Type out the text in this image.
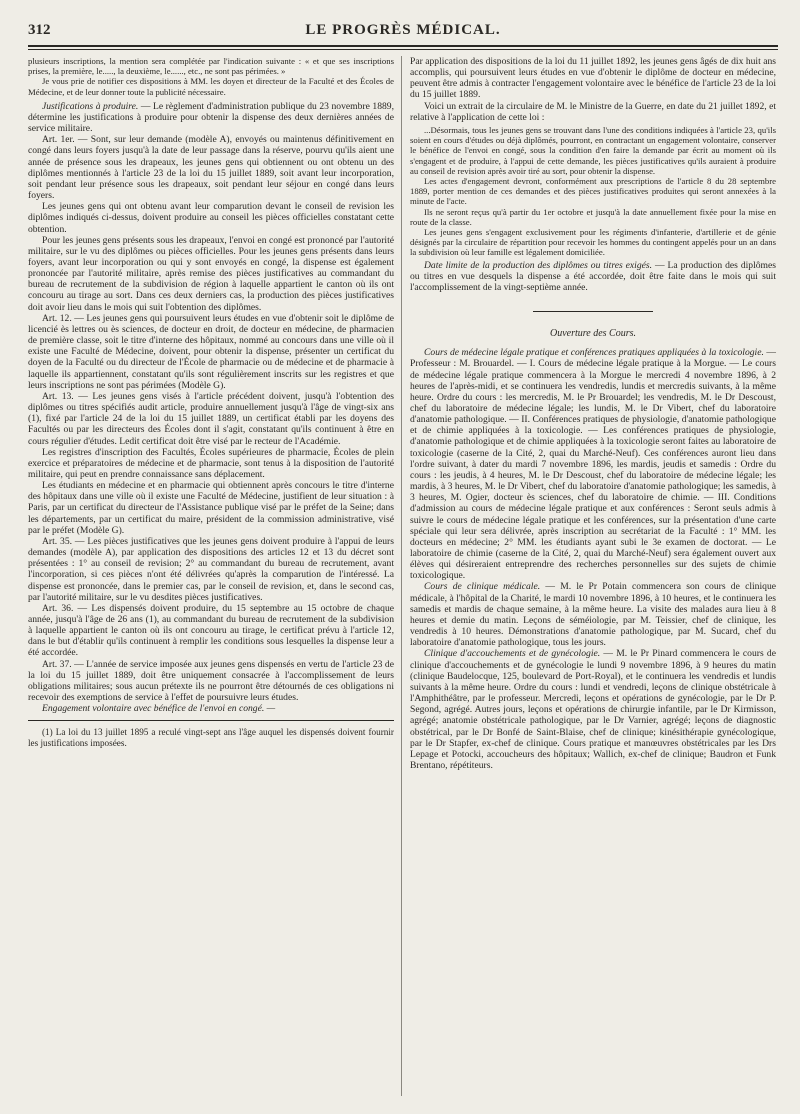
312	LE PROGRÈS MÉDICAL.

plusieurs inscriptions, la mention sera complétée par l'indication suivante : « et que ses inscriptions prises, la première, le....., la deuxième, le......, etc., ne sont pas périmées. »

Je vous prie de notifier ces dispositions à MM. les doyen et directeur de la Faculté et des Écoles de Médecine, et de leur donner toute la publicité nécessaire.

Justifications à produire. — Le règlement d'administration publique du 23 novembre 1889, détermine les justifications à produire pour obtenir la dispense des deux dernières années de service militaire.

Art. 1er. — Sont, sur leur demande (modèle A), envoyés ou maintenus définitivement en congé dans leurs foyers jusqu'à la date de leur passage dans la réserve, pourvu qu'ils aient une année de présence sous les drapeaux, les jeunes gens qui obtiennent ou ont obtenu un des diplômes mentionnés à l'article 23 de la loi du 15 juillet 1889, soit avant leur incorporation, soit pendant leur présence sous les drapeaux, soit pendant leur séjour en congé dans leurs foyers.

Les jeunes gens qui ont obtenu avant leur comparution devant le conseil de revision les diplômes indiqués ci-dessus, doivent produire au conseil les pièces officielles constatant cette obtention.

Pour les jeunes gens présents sous les drapeaux, l'envoi en congé est prononcé par l'autorité militaire, sur le vu des diplômes ou pièces officielles. Pour les jeunes gens présents dans leurs foyers, avant leur incorporation ou qui y sont envoyés en congé, la dispense est également prononcée par l'autorité militaire, après remise des pièces justificatives au commandant du bureau de recrutement de la subdivision de région à laquelle appartient le canton où ils ont concouru au tirage au sort. Dans ces deux derniers cas, la production des pièces justificatives doit avoir lieu dans le mois qui suit l'obtention des diplômes.

Art. 12. — Les jeunes gens qui poursuivent leurs études en vue d'obtenir soit le diplôme de licencié ès lettres ou ès sciences, de docteur en droit, de docteur en médecine, de pharmacien de première classe, soit le titre d'interne des hôpitaux, nommé au concours dans une ville où il existe une Faculté de Médecine, doivent, pour obtenir la dispense, présenter un certificat du doyen de la Faculté ou du directeur de l'École de pharmacie ou de médecine et de pharmacie à laquelle ils appartiennent, constatant qu'ils sont régulièrement inscrits sur les registres et que leurs inscriptions ne sont pas périmées (Modèle G).

Art. 13. — Les jeunes gens visés à l'article précédent doivent, jusqu'à l'obtention des diplômes ou titres spécifiés audit article, produire annuellement jusqu'à l'âge de vingt-six ans (1), fixé par l'article 24 de la loi du 15 juillet 1889, un certificat établi par les doyens des Facultés ou par les directeurs des Écoles dont il s'agit, constatant qu'ils continuent à être en cours régulier d'études. Ledit certificat doit être visé par le recteur de l'Académie.

Les registres d'inscription des Facultés, Écoles supérieures de pharmacie, Écoles de plein exercice et préparatoires de médecine et de pharmacie, sont tenus à la disposition de l'autorité militaire, qui peut en prendre connaissance sans déplacement.

Les étudiants en médecine et en pharmacie qui obtiennent après concours le titre d'interne des hôpitaux dans une ville où il existe une Faculté de Médecine, justifient de leur situation : à Paris, par un certificat du directeur de l'Assistance publique visé par le préfet de la Seine; dans les départements, par un certificat du maire, président de la commission administrative, visé par le préfet (Modèle G).

Art. 35. — Les pièces justificatives que les jeunes gens doivent produire à l'appui de leurs demandes (modèle A), par application des dispositions des articles 12 et 13 du décret sont présentées : 1° au conseil de revision; 2° au commandant du bureau de recrutement, avant l'incorporation, si ces pièces n'ont été délivrées qu'après la comparution de l'intéressé. La dispense est prononcée, dans le premier cas, par le conseil de revision, et, dans le second cas, par l'autorité militaire, sur le vu desdites pièces justificatives.

Art. 36. — Les dispensés doivent produire, du 15 septembre au 15 octobre de chaque année, jusqu'à l'âge de 26 ans (1), au commandant du bureau de recrutement de la subdivision à laquelle appartient le canton où ils ont concouru au tirage, le certificat prévu à l'article 12, dans le but d'établir qu'ils continuent à remplir les conditions sous lesquelles la dispense leur a été accordée.

Art. 37. — L'année de service imposée aux jeunes gens dispensés en vertu de l'article 23 de la loi du 15 juillet 1889, doit être uniquement consacrée à l'accomplissement de leurs obligations militaires; sous aucun prétexte ils ne pourront être détournés de ces obligations ni recevoir des exemptions de service à l'effet de poursuivre leurs études.

Engagement volontaire avec bénéfice de l'envoi en congé. —

(1) La loi du 13 juillet 1895 a reculé vingt-sept ans l'âge auquel les dispensés doivent fournir les justifications imposées.

Par application des dispositions de la loi du 11 juillet 1892, les jeunes gens âgés de dix huit ans accomplis, qui poursuivent leurs études en vue d'obtenir le diplôme de docteur en médecine, peuvent être admis à contracter l'engagement volontaire avec le bénéfice de l'article 23 de la loi du 15 juillet 1889.

Voici un extrait de la circulaire de M. le Ministre de la Guerre, en date du 21 juillet 1892, et relative à l'application de cette loi :

...Désormais, tous les jeunes gens se trouvant dans l'une des conditions indiquées à l'article 23, qu'ils soient en cours d'études ou déjà diplômés, pourront, en contractant un engagement volontaire, conserver le bénéfice de l'envoi en congé, sous la condition d'en faire la demande par écrit au moment où ils s'engagent et de produire, à l'appui de cette demande, les pièces justificatives qu'ils auraient à produire au conseil de revision après avoir tiré au sort, pour obtenir la dispense.

Les actes d'engagement devront, conformément aux prescriptions de l'article 8 du 28 septembre 1889, porter mention de ces demandes et des pièces justificatives produites qui seront annexées à la minute de l'acte.

Ils ne seront reçus qu'à partir du 1er octobre et jusqu'à la date annuellement fixée pour la mise en route de la classe.

Les jeunes gens s'engagent exclusivement pour les régiments d'infanterie, d'artillerie et de génie désignés par la circulaire de répartition pour recevoir les hommes du contingent appelés pour un an dans la subdivision où leur famille est légalement domiciliée.

Date limite de la production des diplômes ou titres exigés. — La production des diplômes ou titres en vue desquels la dispense a été accordée, doit être faite dans le mois qui suit l'accomplissement de la vingt-septième année.

Ouverture des Cours.

Cours de médecine légale pratique et conférences pratiques appliquées à la toxicologie. — Professeur : M. Brouardel. — I. Cours de médecine légale pratique à la Morgue. — Le cours de médecine légale pratique commencera à la Morgue le mercredi 4 novembre 1896, à 2 heures de l'après-midi, et se continuera les vendredis, lundis et mercredis suivants, à la même heure. Ordre du cours : les mercredis, M. le Pr Brouardel; les vendredis, M. le Dr Descoust, chef du laboratoire de médecine légale; les lundis, M. le Dr Vibert, chef du laboratoire d'anatomie pathologique. — II. Conférences pratiques de physiologie, d'anatomie pathologique et de chimie appliquées à la toxicologie. — Les conférences pratiques de physiologie, d'anatomie pathologique et de chimie appliquées à la toxicologie seront faites au laboratoire de toxicologie (caserne de la Cité, 2, quai du Marché-Neuf). Ces conférences auront lieu dans l'ordre suivant, à dater du mardi 7 novembre 1896, les mardis, jeudis et samedis : Ordre du cours : les jeudis, à 4 heures, M. le Dr Descoust, chef du laboratoire de médecine légale; les mardis, à 3 heures, M. le Dr Vibert, chef du laboratoire d'anatomie pathologique; les samedis, à 3 heures, M. Ogier, docteur ès sciences, chef du laboratoire de chimie. — III. Conditions d'admission au cours de médecine légale pratique et aux conférences : Seront seuls admis à suivre le cours de médecine légale pratique et les conférences, sur la présentation d'une carte spéciale qui leur sera délivrée, après inscription au secrétariat de la Faculté : 1° MM. les docteurs en médecine; 2° MM. les étudiants ayant subi le 3e examen de doctorat. — Le laboratoire de chimie (caserne de la Cité, 2, quai du Marché-Neuf) sera également ouvert aux élèves qui désireraient entreprendre des recherches personnelles sur des sujets de chimie toxicologique.

Cours de clinique médicale. — M. le Pr Potain commencera son cours de clinique médicale, à l'hôpital de la Charité, le mardi 10 novembre 1896, à 10 heures, et le continuera les samedis et mardis de chaque semaine, à la même heure. La visite des malades aura lieu à 8 heures et demie du matin. Leçons de séméiologie, par M. Teissier, chef de clinique, les vendredis à 10 heures. Démonstrations d'anatomie pathologique, par M. Sucard, chef du laboratoire d'anatomie pathologique, tous les jours.

Clinique d'accouchements et de gynécologie. — M. le Pr Pinard commencera le cours de clinique d'accouchements et de gynécologie le lundi 9 novembre 1896, à 9 heures du matin (clinique Baudelocque, 125, boulevard de Port-Royal), et le continuera les vendredis et lundis suivants à la même heure. Ordre du cours : lundi et vendredi, leçons de clinique obstétricale à l'Amphithéâtre, par le professeur. Mercredi, leçons et opérations de gynécologie, par le Dr P. Segond, agrégé. Autres jours, leçons et opérations de chirurgie infantile, par le Dr Kirmisson, agrégé; anatomie obstétricale pathologique, par le Dr Varnier, agrégé; leçons de diagnostic obstétrical, par le Dr Bonfé de Saint-Blaise, chef de clinique; kinésithérapie gynécologique, par le Dr Stapfer, ex-chef de clinique. Cours pratique et manœuvres obstétricales par les Drs Lepage et Potocki, accoucheurs des hôpitaux; Wallich, ex-chef de clinique; Baudron et Funk Brentano, répétiteurs.
